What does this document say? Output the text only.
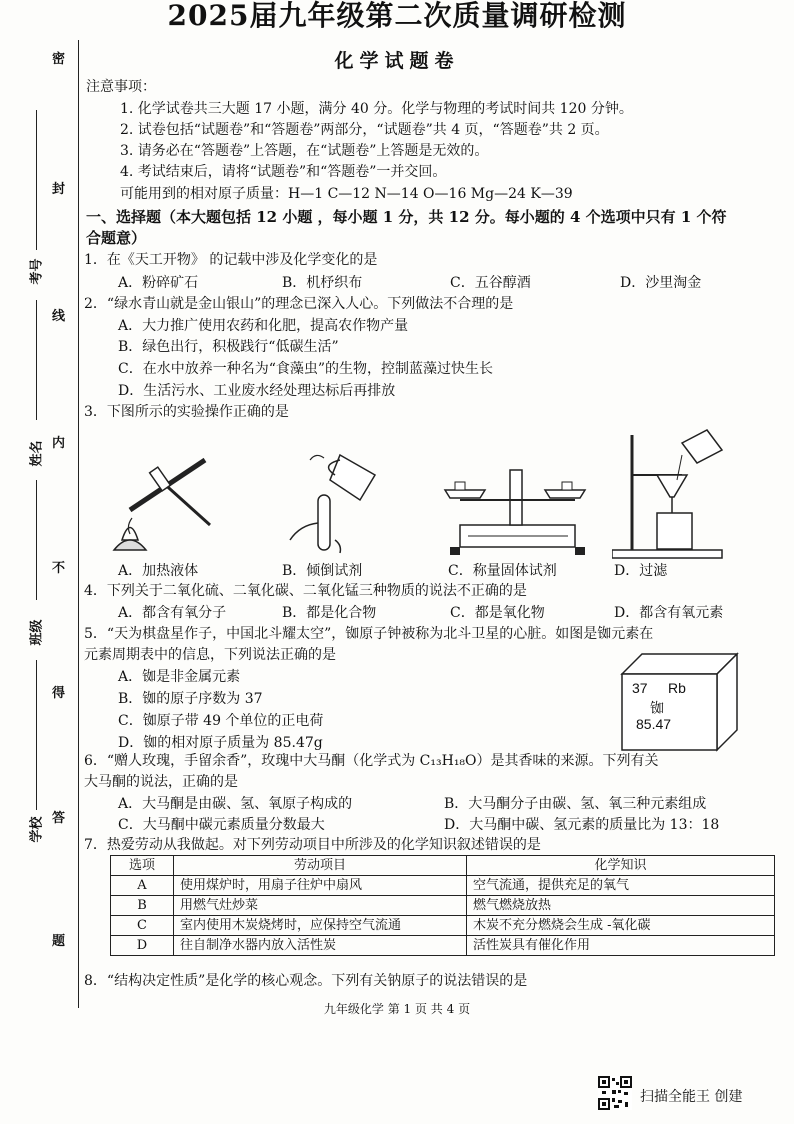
密
封
线
内
不
得
答
题
考号
姓名
班级
学校
2025届九年级第二次质量调研检测
化学试题卷
注意事项：
1. 化学试卷共三大题 17 小题，满分 40 分。化学与物理的考试时间共 120 分钟。
2. 试卷包括“试题卷”和“答题卷”两部分，“试题卷”共 4 页，“答题卷”共 2 页。
3. 请务必在“答题卷”上答题，在“试题卷”上答题是无效的。
4. 考试结束后，请将“试题卷”和“答题卷”一并交回。
可能用到的相对原子质量：H—1 C—12 N—14 O—16 Mg—24 K—39
一、选择题（本大题包括 12 小题 ，每小题 1 分，共 12 分。每小题的 4 个选项中只有 1 个符
合题意）
1．在《天工开物》 的记载中涉及化学变化的是
A．粉碎矿石	B．机杼织布	C．五谷醇酒	D．沙里淘金
2．“绿水青山就是金山银山”的理念已深入人心。下列做法不合理的是
A．大力推广使用农药和化肥，提高农作物产量
B．绿色出行，积极践行“低碳生活”
C．在水中放养一种名为“食藻虫”的生物，控制蓝藻过快生长
D．生活污水、工业废水经处理达标后再排放
3．下图所示的实验操作正确的是
A．加热液体	B．倾倒试剂	C．称量固体试剂	D．过滤
4．下列关于二氧化硫、二氧化碳、二氧化锰三种物质的说法不正确的是
A．都含有氧分子	B．都是化合物	C．都是氧化物	D．都含有氧元素
5．“天为棋盘星作子，中国北斗耀太空”，铷原子钟被称为北斗卫星的心脏。如图是铷元素在
元素周期表中的信息，下列说法正确的是
A．铷是非金属元素
B．铷的原子序数为 37
C．铷原子带 49 个单位的正电荷
D．铷的相对原子质量为 85.47g
37 Rb
铷
85.47
6．“赠人玫瑰，手留余香”，玫瑰中大马酮（化学式为 C₁₃H₁₈O）是其香味的来源。下列有关
大马酮的说法，正确的是
A．大马酮是由碳、氢、氧原子构成的	B．大马酮分子由碳、氢、氧三种元素组成
C．大马酮中碳元素质量分数最大	D．大马酮中碳、氢元素的质量比为 13：18
7．热爱劳动从我做起。对下列劳动项目中所涉及的化学知识叙述错误的是
选项	劳动项目	化学知识
A	使用煤炉时，用扇子往炉中扇风	空气流通，提供充足的氧气
B	用燃气灶炒菜	燃气燃烧放热
C	室内使用木炭烧烤时，应保持空气流通	木炭不充分燃烧会生成 -氧化碳
D	往自制净水器内放入活性炭	活性炭具有催化作用
8．“结构决定性质”是化学的核心观念。下列有关钠原子的说法错误的是
九年级化学 第 1 页 共 4 页
扫描全能王 创建
